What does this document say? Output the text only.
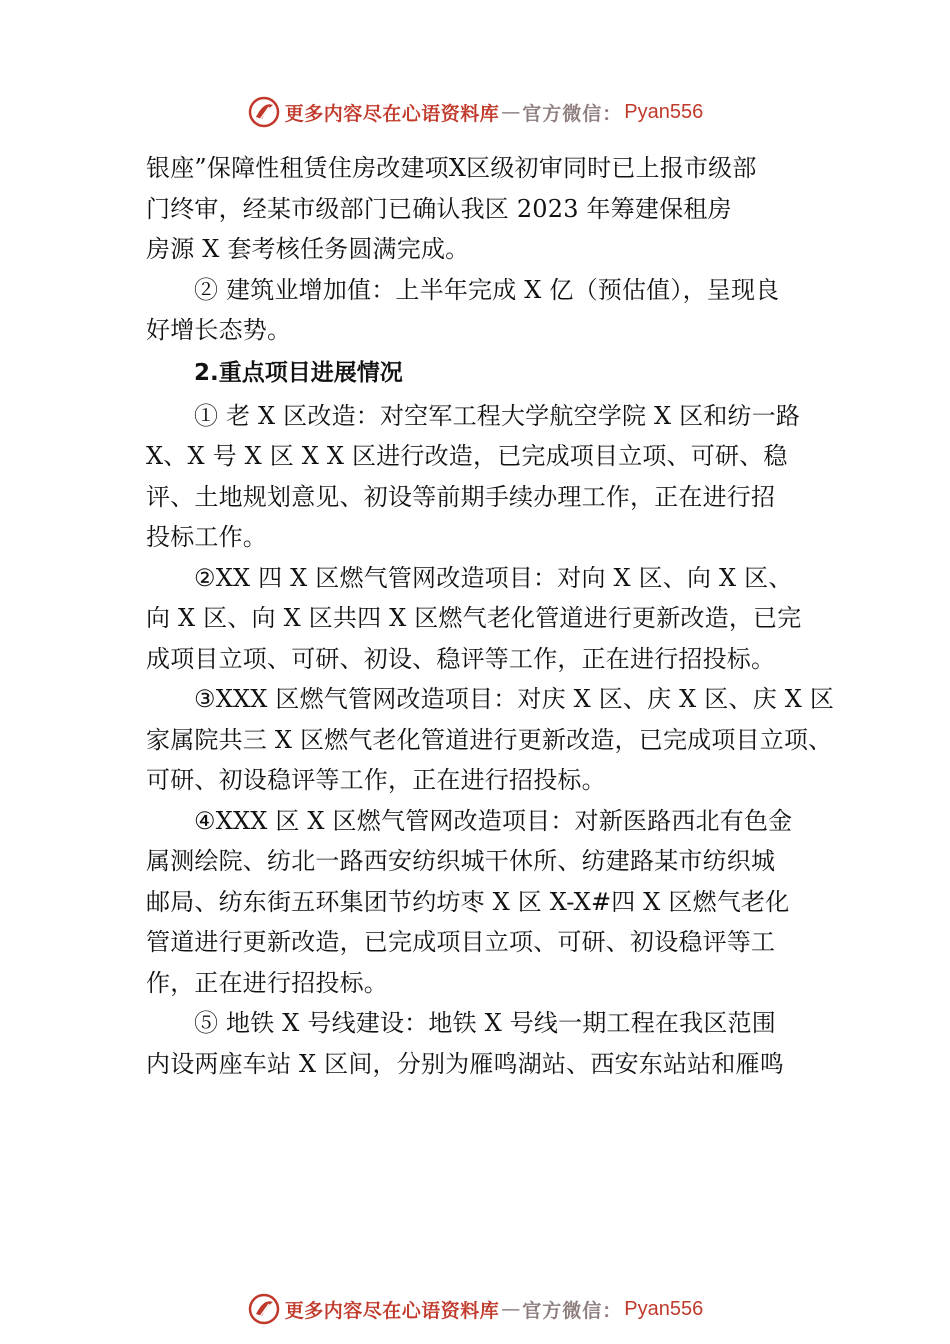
更多内容尽在心语资料库 — 官方微信： Pyan556
银座”保障性租赁住房改建项X区级初审同时已上报市级部
门终审，经某市级部门已确认我区 2023 年筹建保租房
房源 X 套考核任务圆满完成。
② 建筑业增加值：上半年完成 X 亿（预估值），呈现良
好增长态势。
2.重点项目进展情况
① 老 X 区改造：对空军工程大学航空学院 X 区和纺一路
X、X 号 X 区 X X 区进行改造，已完成项目立项、可研、稳
评、土地规划意见、初设等前期手续办理工作，正在进行招
投标工作。
②XX 四 X 区燃气管网改造项目：对向 X 区、向 X 区、
向 X 区、向 X 区共四 X 区燃气老化管道进行更新改造，已完
成项目立项、可研、初设、稳评等工作，正在进行招投标。
③XXX 区燃气管网改造项目：对庆 X 区、庆 X 区、庆 X 区
家属院共三 X 区燃气老化管道进行更新改造，已完成项目立项、
可研、初设稳评等工作，正在进行招投标。
④XXX 区 X 区燃气管网改造项目：对新医路西北有色金
属测绘院、纺北一路西安纺织城干休所、纺建路某市纺织城
邮局、纺东街五环集团节约坊枣 X 区 X-X#四 X 区燃气老化
管道进行更新改造，已完成项目立项、可研、初设稳评等工
作，正在进行招投标。
⑤ 地铁 X 号线建设：地铁 X 号线一期工程在我区范围
内设两座车站 X 区间，分别为雁鸣湖站、西安东站站和雁鸣
更多内容尽在心语资料库 — 官方微信： Pyan556
